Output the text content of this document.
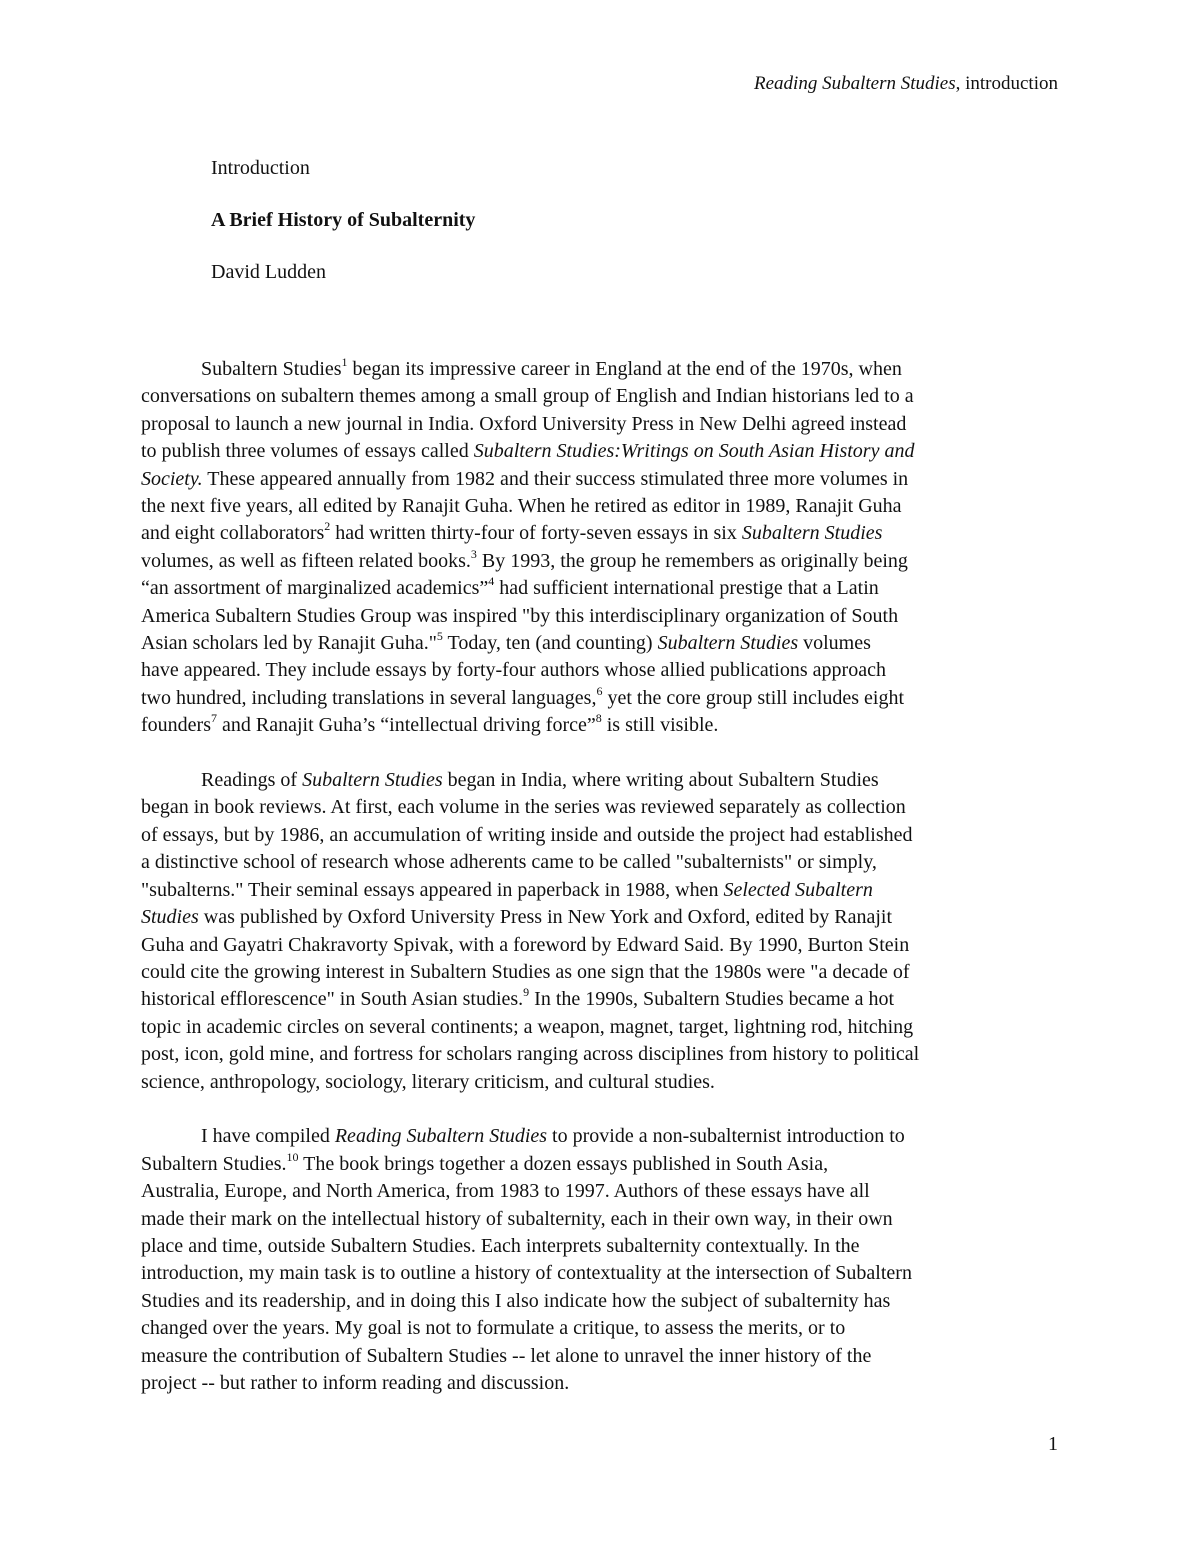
Reading Subaltern Studies, introduction

Introduction

A Brief History of Subalternity

David Ludden

Subaltern Studies$^1$ began its impressive career in England at the end of the 1970s, when

conversations on subaltern themes among a small group of English and Indian historians led to a

proposal to launch a new journal in India. Oxford University Press in New Delhi agreed instead

to publish three volumes of essays called Subaltern Studies:Writings on South Asian History and

Society. These appeared annually from 1982 and their success stimulated three more volumes in

the next five years, all edited by Ranajit Guha. When he retired as editor in 1989, Ranajit Guha

and eight collaborators$^2$ had written thirty-four of forty-seven essays in six Subaltern Studies

volumes, as well as fifteen related books.$^3$ By 1993, the group he remembers as originally being

“an assortment of marginalized academics”$^4$ had sufficient international prestige that a Latin

America Subaltern Studies Group was inspired "by this interdisciplinary organization of South

Asian scholars led by Ranajit Guha."$^5$ Today, ten (and counting) Subaltern Studies volumes

have appeared. They include essays by forty-four authors whose allied publications approach

two hundred, including translations in several languages,$^6$ yet the core group still includes eight

founders$^7$ and Ranajit Guha’s “intellectual driving force”$^8$ is still visible.

Readings of Subaltern Studies began in India, where writing about Subaltern Studies

began in book reviews. At first, each volume in the series was reviewed separately as collection

of essays, but by 1986, an accumulation of writing inside and outside the project had established

a distinctive school of research whose adherents came to be called "subalternists" or simply,

"subalterns." Their seminal essays appeared in paperback in 1988, when Selected Subaltern

Studies was published by Oxford University Press in New York and Oxford, edited by Ranajit

Guha and Gayatri Chakravorty Spivak, with a foreword by Edward Said. By 1990, Burton Stein

could cite the growing interest in Subaltern Studies as one sign that the 1980s were "a decade of

historical efflorescence" in South Asian studies.$^9$ In the 1990s, Subaltern Studies became a hot

topic in academic circles on several continents; a weapon, magnet, target, lightning rod, hitching

post, icon, gold mine, and fortress for scholars ranging across disciplines from history to political

science, anthropology, sociology, literary criticism, and cultural studies.

I have compiled Reading Subaltern Studies to provide a non-subalternist introduction to

Subaltern Studies.$^{10}$ The book brings together a dozen essays published in South Asia,

Australia, Europe, and North America, from 1983 to 1997. Authors of these essays have all

made their mark on the intellectual history of subalternity, each in their own way, in their own

place and time, outside Subaltern Studies. Each interprets subalternity contextually. In the

introduction, my main task is to outline a history of contextuality at the intersection of Subaltern

Studies and its readership, and in doing this I also indicate how the subject of subalternity has

changed over the years. My goal is not to formulate a critique, to assess the merits, or to

measure the contribution of Subaltern Studies -- let alone to unravel the inner history of the

project -- but rather to inform reading and discussion.

1
